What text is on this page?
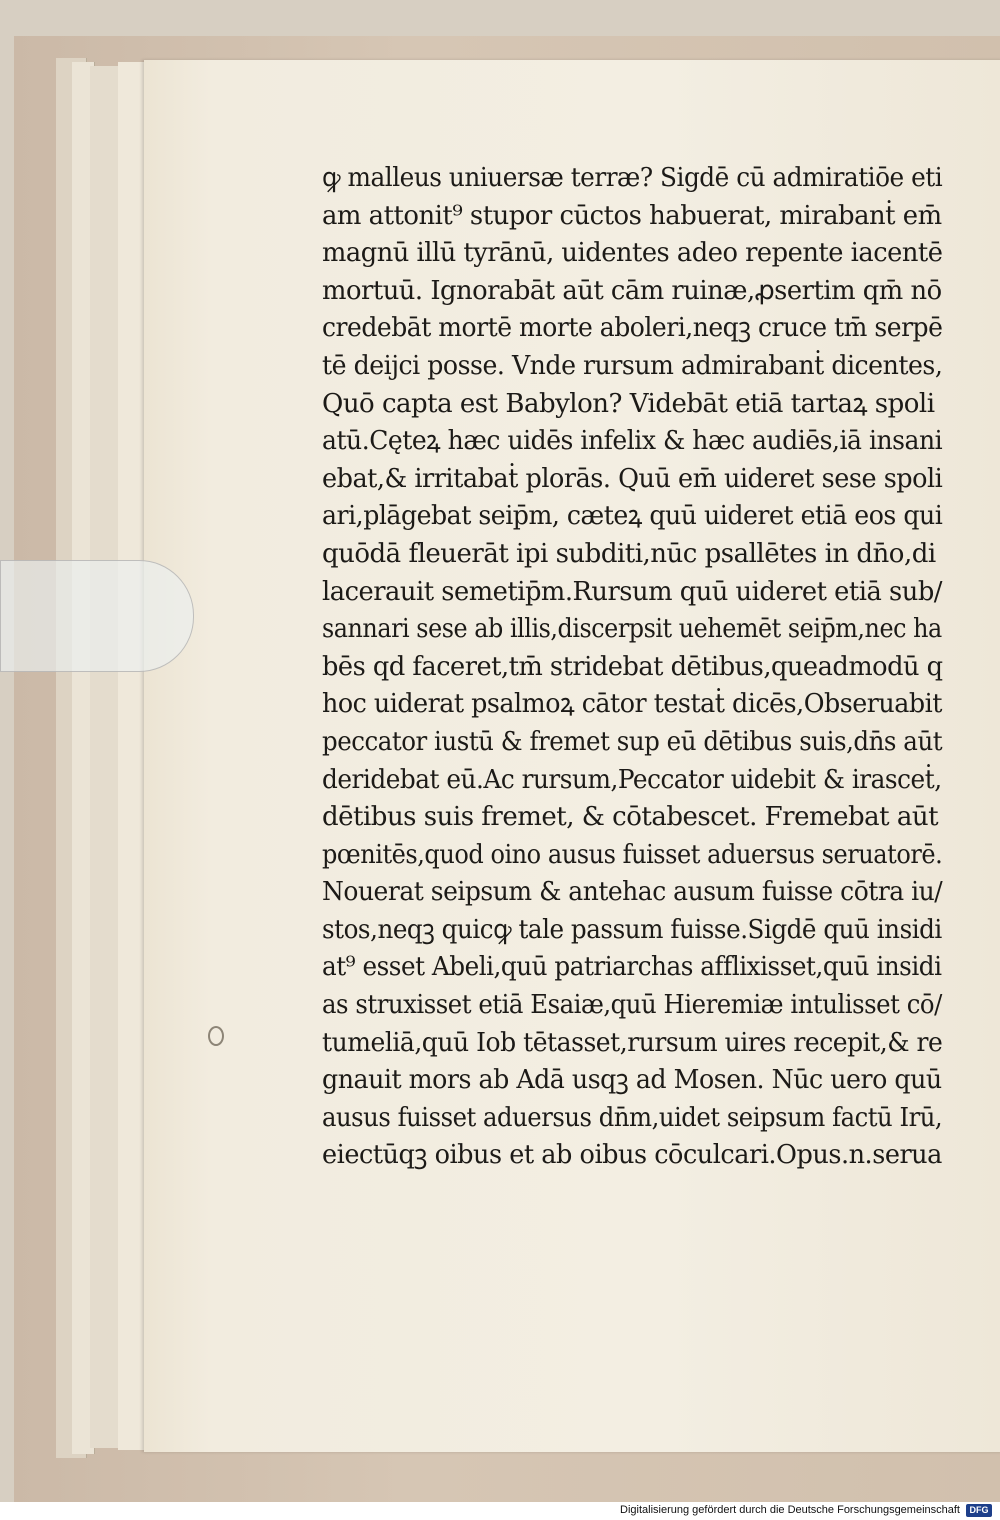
ꝙ malleus uniuersæ terræ? Sigdē cū admiratiōe eti
am attonit⁹ stupor cūctos habuerat, mirabanṫ em̄
magnū illū tyrānū, uidentes adeo repente iacentē
mortuū. Ignorabāt aūt cām ruinæ,ꝓsertim qm̄ nō
credebāt mortē morte aboleri,neqꝫ cruce tm̄ serpē
tē deijci posse. Vnde rursum admirabanṫ dicentes,
Quō capta est Babylon? Videbāt etiā tartaꝝ spoli
atū.Cęteꝝ hæc uidēs infelix & hæc audiēs,iā insani
ebat,& irritabaṫ plorās. Quū em̄ uideret sese spoli
ari,plāgebat seip̄m, cæteꝝ quū uideret etiā eos qui
quōdā fleuerāt ipi subditi,nūc psallētes in dn̄o,di
lacerauit semetip̄m.Rursum quū uideret etiā sub/
sannari sese ab illis,discerpsit uehemēt seip̄m,nec ha
bēs qd faceret,tm̄ stridebat dētibus,queadmodū q
hoc uiderat psalmoꝝ cātor testaṫ dicēs,Obseruabit
peccator iustū & fremet sup eū dētibus suis,dn̄s aūt
deridebat eū.Ac rursum,Peccator uidebit & irasceṫ,
dētibus suis fremet, & cōtabescet. Fremebat aūt
pœnitēs,quod oino ausus fuisset aduersus seruatorē.
Nouerat seipsum & antehac ausum fuisse cōtra iu/
stos,neqꝫ quicꝙ tale passum fuisse.Sigdē quū insidi
at⁹ esset Abeli,quū patriarchas afflixisset,quū insidi
as struxisset etiā Esaiæ,quū Hieremiæ intulisset cō/
tumeliā,quū Iob tētasset,rursum uires recepit,& re
gnauit mors ab Adā usqꝫ ad Mosen. Nūc uero quū
ausus fuisset aduersus dn̄m,uidet seipsum factū Irū,
eiectūqꝫ oibus et ab oibus cōculcari.Opus.n.serua
Digitalisierung gefördert durch die Deutsche Forschungsgemeinschaft	DFG
